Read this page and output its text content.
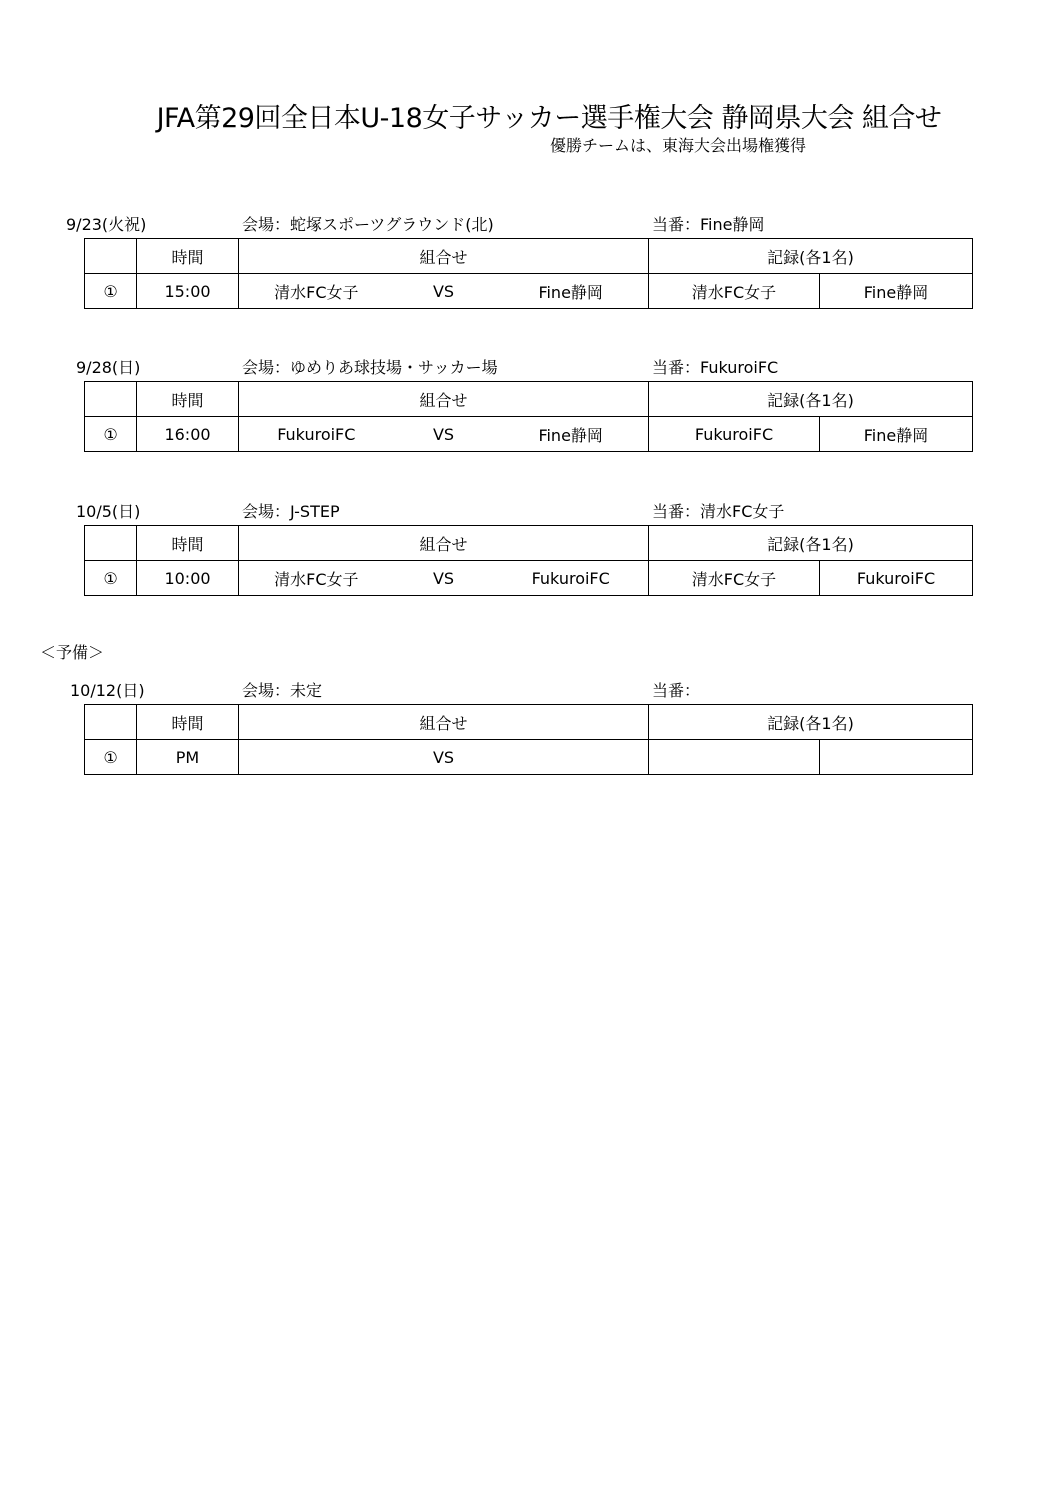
JFA第29回全日本U-18女子サッカー選手権大会 静岡県大会 組合せ
優勝チームは、東海大会出場権獲得
9/23(火祝)	会場：蛇塚スポーツグラウンド(北)	当番：Fine静岡
	時間	組合せ	記録(各1名)	
①	15:00	清水FC女子 VS Fine静岡	清水FC女子	Fine静岡
9/28(日)	会場：ゆめりあ球技場・サッカー場	当番：FukuroiFC
	時間	組合せ	記録(各1名)	
①	16:00	FukuroiFC VS Fine静岡	FukuroiFC	Fine静岡
10/5(日)	会場：J-STEP	当番：清水FC女子
	時間	組合せ	記録(各1名)	
①	10:00	清水FC女子 VS FukuroiFC	清水FC女子	FukuroiFC
＜予備＞
10/12(日)	会場：未定	当番：
	時間	組合せ	記録(各1名)	
①	PM	VS		
